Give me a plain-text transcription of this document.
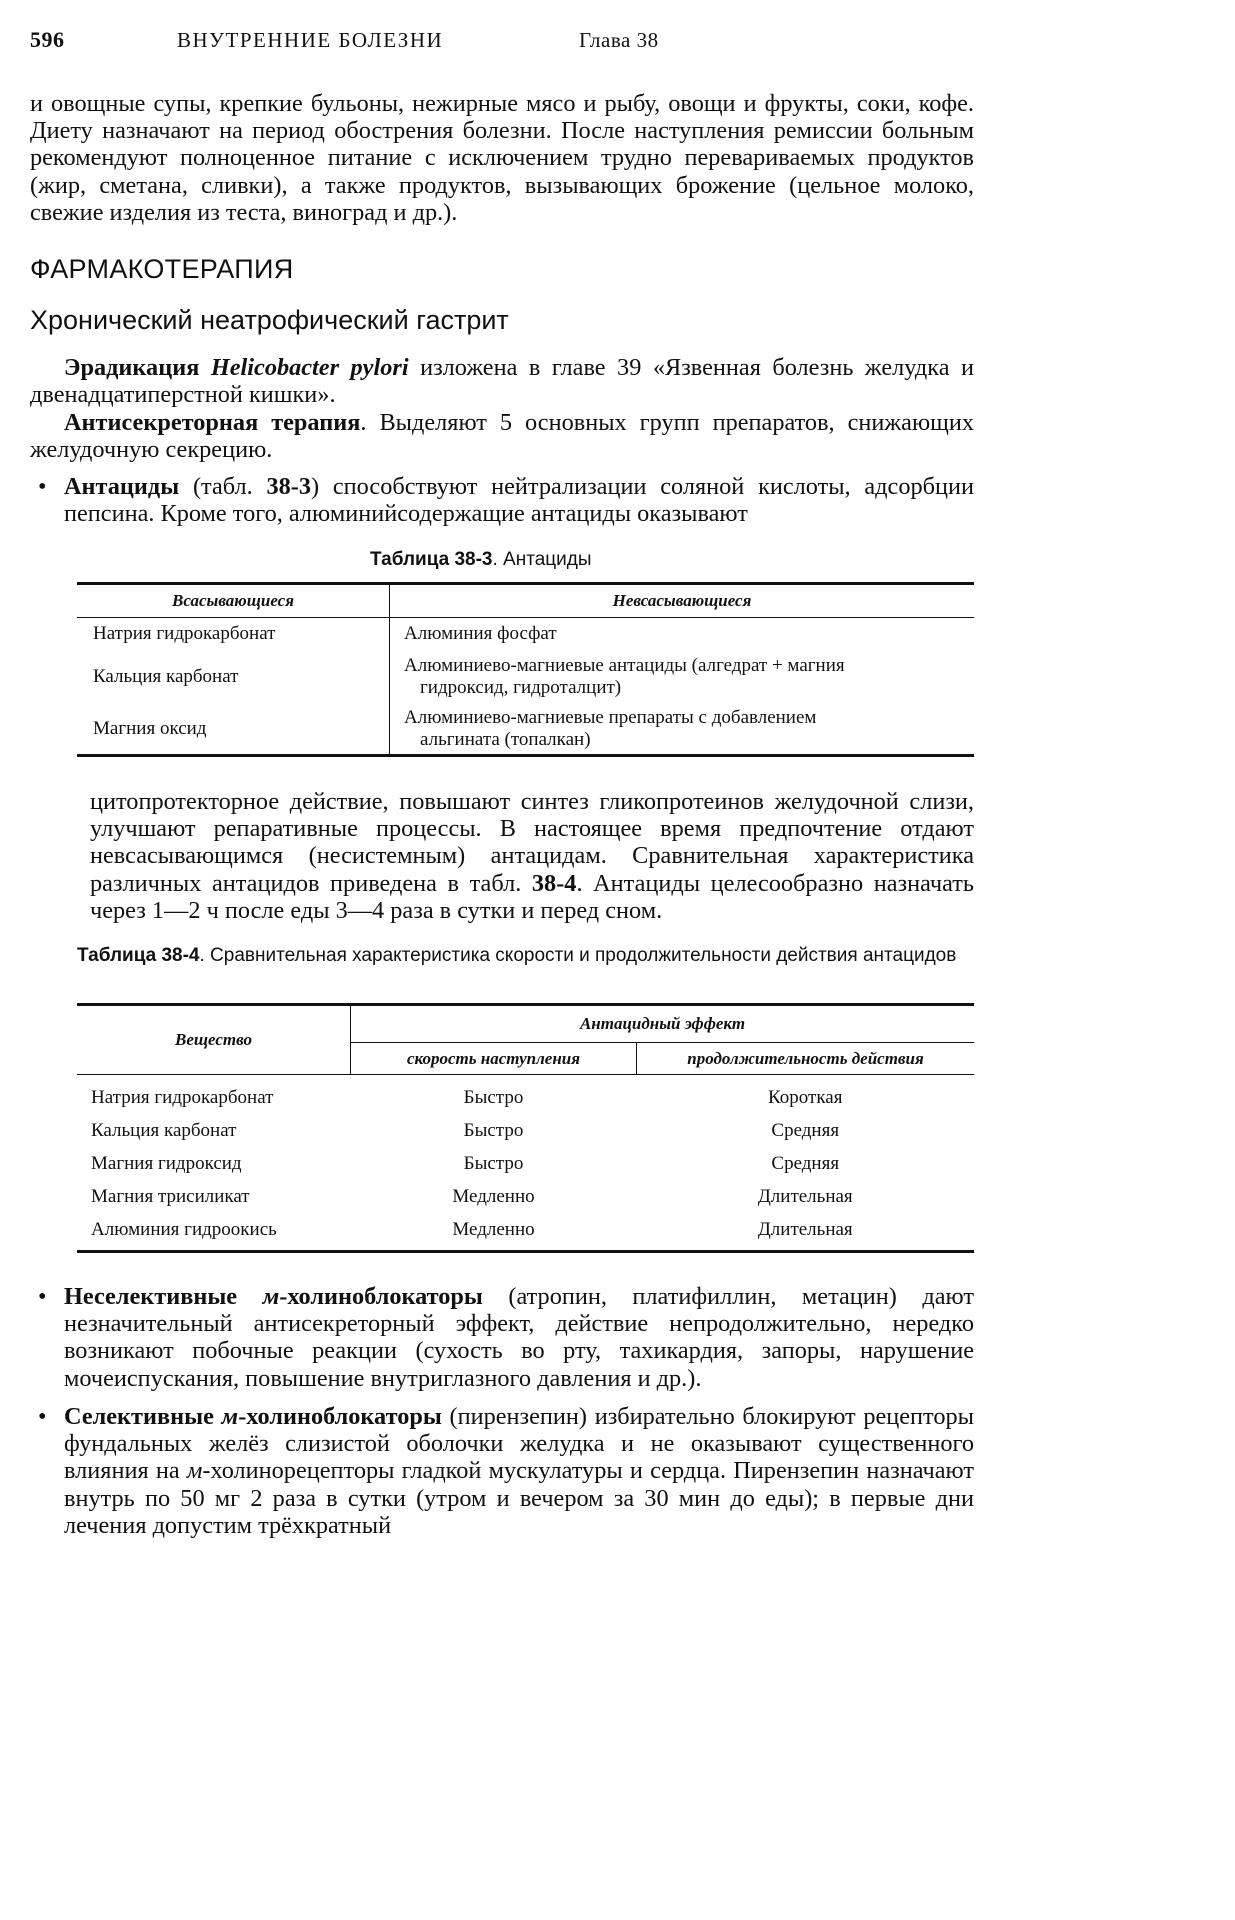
596	ВНУТРЕННИЕ БОЛЕЗНИ	Глава 38

и овощные супы, крепкие бульоны, нежирные мясо и рыбу, овощи и фрукты, соки, кофе. Диету назначают на период обострения болезни. После наступления ремиссии больным рекомендуют полноценное питание с исключением трудно перевариваемых продуктов (жир, сметана, сливки), а также продуктов, вызывающих брожение (цельное молоко, свежие изделия из теста, виноград и др.).

ФАРМАКОТЕРАПИЯ
Хронический неатрофический гастрит

Эрадикация Helicobacter pylori изложена в главе 39 «Язвенная болезнь желудка и двенадцатиперстной кишки».

Антисекреторная терапия. Выделяют 5 основных групп препаратов, снижающих желудочную секрецию.

• Антациды (табл. 38-3) способствуют нейтрализации соляной кислоты, адсорбции пепсина. Кроме того, алюминийсодержащие антациды оказывают

Таблица 38-3. Антациды

Всасывающиеся	Невсасывающиеся
Натрия гидрокарбонат	Алюминия фосфат

Кальция карбонат	Алюминиево-магниевые антациды (алгедрат + магния
гидроксид, гидроталцит)

Магния оксид	Алюминиево-магниевые препараты с добавлением
альгината (топалкан)

цитопротекторное действие, повышают синтез гликопротеинов желудочной слизи, улучшают репаративные процессы. В настоящее время предпочтение отдают невсасывающимся (несистемным) антацидам. Сравнительная характеристика различных антацидов приведена в табл. 38-4. Антациды целесообразно назначать через 1—2 ч после еды 3—4 раза в сутки и перед сном.

Таблица 38-4. Сравнительная характеристика скорости и продолжительности действия антацидов

Вещество	Антацидный эффект	
	скорость наступления	продолжительность действия
Натрия гидрокарбонат	Быстро	Короткая
Кальция карбонат	Быстро	Средняя
Магния гидроксид	Быстро	Средняя
Магния трисиликат	Медленно	Длительная
Алюминия гидроокись	Медленно	Длительная

• Неселективные м-холиноблокаторы (атропин, платифиллин, метацин) дают незначительный антисекреторный эффект, действие непродолжительно, нередко возникают побочные реакции (сухость во рту, тахикардия, запоры, нарушение мочеиспускания, повышение внутриглазного давления и др.).

• Селективные м-холиноблокаторы (пирензепин) избирательно блокируют рецепторы фундальных желёз слизистой оболочки желудка и не оказывают существенного влияния на м-холинорецепторы гладкой мускулатуры и сердца. Пирензепин назначают внутрь по 50 мг 2 раза в сутки (утром и вечером за 30 мин до еды); в первые дни лечения допустим трёхкратный
